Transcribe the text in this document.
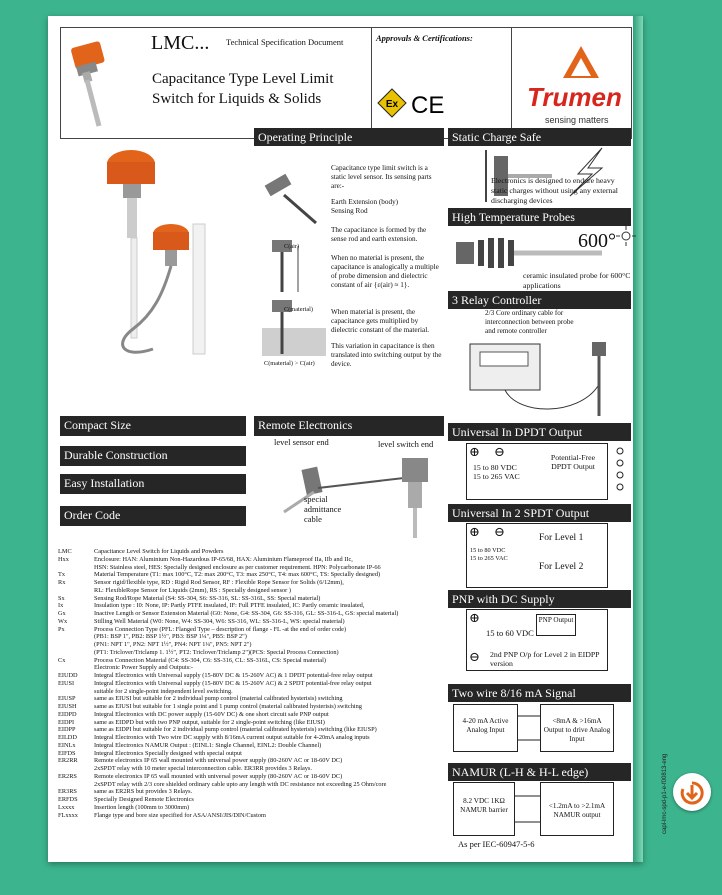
LMC... Technical Specification Document
Capacitance Type Level Limit
Switch for Liquids & Solids
Approvals & Certifications:
Ex CE	Trumen
sensing matters
Operating Principle
Capacitance type limit switch is a static level sensor. Its sensing parts are:-
Earth Extension (body)
Sensing Rod
The capacitance is formed by the sense rod and earth extension.
C(air)
When no material is present, the capacitance is analogically a multiple of probe dimension and dielectric constant of air {ε(air) ≈ 1}.
C(material) When material is present, the capacitance gets multiplied by dielectric constant of the material.
This variation in capacitance is then translated into switching output by the device.
C(material) > C(air)
Static Charge Safe
Electronics is designed to endure heavy static charges without using any external discharging devices
High Temperature Probes
600°
ceramic insulated probe for 600°C applications
3 Relay Controller
2/3 Core ordinary cable for interconnection between probe and remote controller
Compact Size
Durable Construction
Easy Installation
Order Code
Remote Electronics
level sensor end	level switch end
special admittance cable
Universal In DPDT Output
⊕ ⊖
15 to 80 VDC
15 to 265 VAC
Potential-Free DPDT Output
Universal In 2 SPDT Output
⊕ ⊖
15 to 80 VDC
15 to 265 VAC
For Level 1
For Level 2
PNP with DC Supply
⊕
⊖
15 to 60 VDC
PNP Output
2nd PNP O/p for Level 2 in EIDPP version
Two wire 8/16 mA Signal
4-20 mA Active Analog Input
<8mA & >16mA Output to drive Analog Input
NAMUR (L-H & H-L edge)
8.2 VDC 1KΩ NAMUR barrier	<1.2mA to >2.1mA NAMUR output
As per IEC-60947-5-6
LMC	Capacitance Level Switch for Liquids and Powders
Hxx	Enclosure: HAN: Aluminium Non-Hazardous IP-65/68, HAX: Aluminium Flameproof IIa, IIb and IIc,
HSN: Stainless steel, HES: Specially designed enclosure as per customer requirement. HPN: Polycarbonate IP-66
Tx	Material Temperature (T1: max 100°C, T2: max 200°C, T3: max 250°C, T4: max 600°C, TS: Specially designed)
Rx	Sensor rigid/flexible type, RD : Rigid Rod Sensor, RF : Flexible Rope Sensor for Solids (6/12mm),
RL: FlexibleRope Sensor for Liquids (2mm), RS : Specially designed sensor )
Sx	Sensing Rod/Rope Material (S4: SS-304, S6: SS-316, SL: SS-316L, SS: Special material)
Ix	Insulation type : I0: None, IP: Partly PTFE insulated, IF: Full PTFE insulated, IC: Partly ceramic insulated,
Gx	Inactive Length or Sensor Extension Material (G0: None, G4: SS-304, G6: SS-316, GL: SS-316-L, GS: special material)
Wx	Stilling Well Material (W0: None, W4: SS-304, W6: SS-316, WL: SS-316-L, WS: special material)
Px	Process Connection Type (PFL: Flanged Type – description of flange - FL -at the end of order code)
(PB1: BSP 1", PB2: BSP 1½", PB3: BSP 1¼", PB5: BSP 2")
(PN1: NPT 1", PN2: NPT 1½", PN4: NPT 1¼", PN5: NPT 2")
(PT1: Triclover/Triclamp 1. 1½", PT2: Triclover/Triclamp 2")(PCS: Special Process Connection)
Cx	Process Connection Material (C4: SS-304, C6: SS-316, CL: SS-316L, CS: Special material)
Electronic Power Supply and Outputs:-
EIUDD	Integral Electronics with Universal supply (15-80V DC & 15-260V AC) & 1 DPDT potential-free relay output
EIUSI	Integral Electronics with Universal supply (15-80V DC & 15-260V AC) & 2 SPDT potential-free relay output
suitable for 2 single-point independent level switching.
EIUSP	same as EIUSI but suitable for 2 individual pump control (material calibrated hysterisis) switching
EIUSH	same as EIUSI but suitable for 1 single point and 1 pump control (material calibrated hysterisis) switching
EIDPD	Integral Electronics with DC power supply (15-60V DC) & one short circuit safe PNP output
EIDPI	same as EIDPD but with two PNP output, suitable for 2 single-point switching (like EIUSI)
EIDPP	same as EIDPI but suitable for 2 individual pump control (material calibrated hysterisis) switching (like EIUSP)
EILDD	Integral Electronics with Two wire DC supply with 8/16mA current output suitable for 4-20mA analog inputs
EINLx	Integral Electronics NAMUR Output : (EINL1: Single Channel, EINL2: Double Channel)
EIFDS	Integral Electronics Specially designed with special output
ER2RR	Remote electronics IP 65 wall mounted with universal power supply (80-260V AC or 18-60V DC)
2xSPDT relay with 10 meter special interconnection cable. ER3RR provides 3 Relays.
ER2RS	Remote electronics IP 65 wall mounted with universal power supply (80-260V AC or 18-60V DC)
2xSPDT relay with 2/3 core shielded ordinary cable upto any length with DC resistance not exceeding 25 Ohm/core
ER3RS	same as ER2RS but provides 3 Relays.
ERFDS	Specially Designed Remote Electronics
Lxxxx	Insertion length (100mm to 3000mm)
FLxxxx	Flange type and bore size specified for ASA/ANSI/JIS/DIN/Custom	capl-lmc-spd-p1-e-f00813-eng
